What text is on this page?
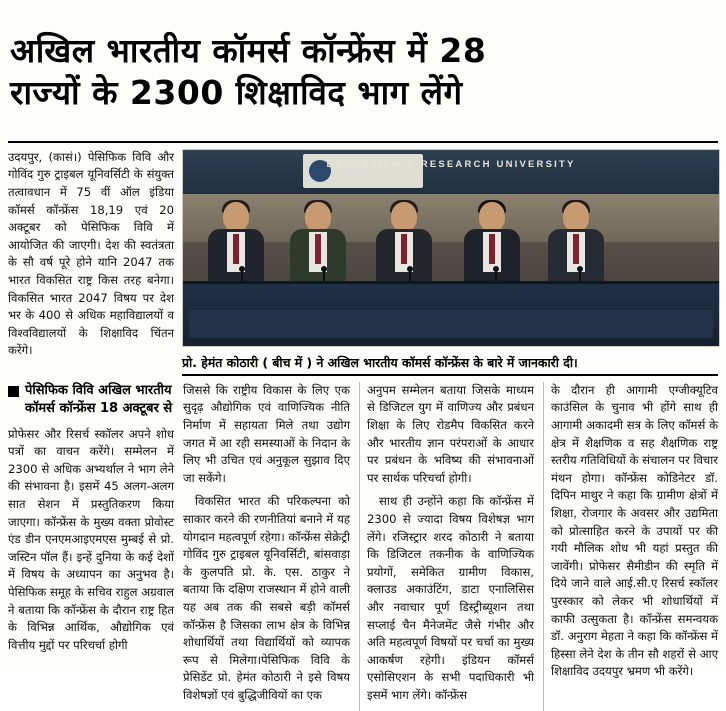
अखिल भारतीय कॉमर्स कॉन्फ्रेंस में 28
राज्यों के 2300 शिक्षाविद भाग लेंगे
उदयपुर, (कासं।) पेसिफिक विवि और गोविंद गुरु ट्राइबल यूनिवर्सिटी के संयुक्त तत्वावधान में 75 वीं ऑल इंडिया कॉमर्स कॉन्फ्रेंस 18,19 एवं 20 अक्टूबर को पेसिफिक विवि में आयोजित की जाएगी। देश की स्वतंत्रता के सौ वर्ष पूरे होने यानि 2047 तक भारत विकसित राष्ट्र किस तरह बनेगा। विकसित भारत 2047 विषय पर देश भर के 400 से अधिक महाविद्यालयों व विश्वविद्यालयों के शिक्षाविद चिंतन करेंगे।
EDUCATION & RESEARCH UNIVERSITY
प्रो. हेमंत कोठारी ( बीच में ) ने अखिल भारतीय कॉमर्स कॉन्फ्रेंस के बारे में जानकारी दी।
पेसिफिक विवि अखिल भारतीय कॉमर्स कॉन्फ्रेंस 18 अक्टूबर से
प्रोफेसर और रिसर्च स्कॉलर अपने शोध पत्रों का वाचन करेंगे। सम्मेलन में 2300 से अधिक अभ्यर्थाल ने भाग लेने की संभावना है। इसमें 45 अलग-अलग सात सेशन में प्रस्तुतिकरण किया जाएगा। कॉन्फ्रेंस के मुख्य वक्ता प्रोवोस्ट एंड डीन एनएमआइएमएस मुम्बई से प्रो. जस्टिन पॉल हैं। इन्हें दुनिया के कई देशों में विषय के अध्यापन का अनुभव है। पेसिफिक समूह के सचिव राहुल अग्रवाल ने बताया कि कॉन्फ्रेंस के दौरान राष्ट्र हित के विभिन्न आर्थिक, औद्योगिक एवं वित्तीय मुद्दों पर परिचर्चा होगी

जिससे कि राष्ट्रीय विकास के लिए एक सुदृढ़ औद्योगिक एवं वाणिज्यिक नीति निर्माण में सहायता मिले तथा उद्योग जगत में आ रही समस्याओं के निदान के लिए भी उचित एवं अनुकूल सुझाव दिए जा सकेंगे।

विकसित भारत की परिकल्पना को साकार करने की रणनीतियां बनाने में यह योगदान महत्वपूर्ण रहेगा। कॉन्फ्रेंस सेक्रेट्री गोविंद गुरु ट्राइबल यूनिवर्सिटी, बांसवाड़ा के कुलपति प्रो. के. एस. ठाकुर ने बताया कि दक्षिण राजस्थान में होने वाली यह अब तक की सबसे बड़ी कॉमर्स कॉन्फ्रेंस है जिसका लाभ क्षेत्र के विभिन्न शोधार्थियों तथा विद्यार्थियों को व्यापक रूप से मिलेगा।पेसिफिक विवि के प्रेसिडेंट प्रो. हेमंत कोठारी ने इसे विषय विशेषज्ञों एवं बुद्धिजीवियों का एक

अनुपम सम्मेलन बताया जिसके माध्यम से डिजिटल युग में वाणिज्य और प्रबंधन शिक्षा के लिए रोडमैप विकसित करने और भारतीय ज्ञान परंपराओं के आधार पर प्रबंधन के भविष्य की संभावनाओं पर सार्थक परिचर्चा होगी।

साथ ही उन्होंने कहा कि कॉन्फ्रेंस में 2300 से ज्यादा विषय विशेषज्ञ भाग लेंगे। रजिस्ट्रार शरद कोठारी ने बताया कि डिजिटल तकनीक के वाणिज्यिक प्रयोगों, समेकित ग्रामीण विकास, क्लाउड अकाउंटिंग, डाटा एनालिसिस और नवाचार पूर्ण डिस्ट्रीब्यूशन तथा सप्लाई चैन मैनेजमेंट जैसे गंभीर और अति महत्वपूर्ण विषयों पर चर्चा का मुख्य आकर्षण रहेगी। इंडियन कॉमर्स एसोसिएशन के सभी पदाधिकारी भी इसमें भाग लेंगे। कॉन्फ्रेंस

के दौरान ही आगामी एग्जीक्यूटिव काउंसिल के चुनाव भी होंगे साथ ही आगामी अकादमी सत्र के लिए कॉमर्स के क्षेत्र में शैक्षणिक व सह शैक्षणिक राष्ट्र स्तरीय गतिविधियों के संचालन पर विचार मंथन होगा। कॉन्फ्रेंस कोडिनेटर डॉ. दिपिन माथुर ने कहा कि ग्रामीण क्षेत्रों में शिक्षा, रोजगार के अवसर और उद्यमिता को प्रोत्साहित करने के उपायों पर की गयी मौलिक शोध भी यहां प्रस्तुत की जावेंगी। प्रोफेसर सैमीडीन की स्मृति में दिये जाने वाले आई.सी.ए रिसर्च स्कॉलर पुरस्कार को लेकर भी शोधार्थियों में काफी उत्सुकता है। कॉन्फ्रेंस समन्वयक डॉ. अनुराग मेहता ने कहा कि कॉन्फ्रेंस में हिस्सा लेने देश के तीन सौ शहरों से आए शिक्षाविद उदयपुर भ्रमण भी करेंगे।
